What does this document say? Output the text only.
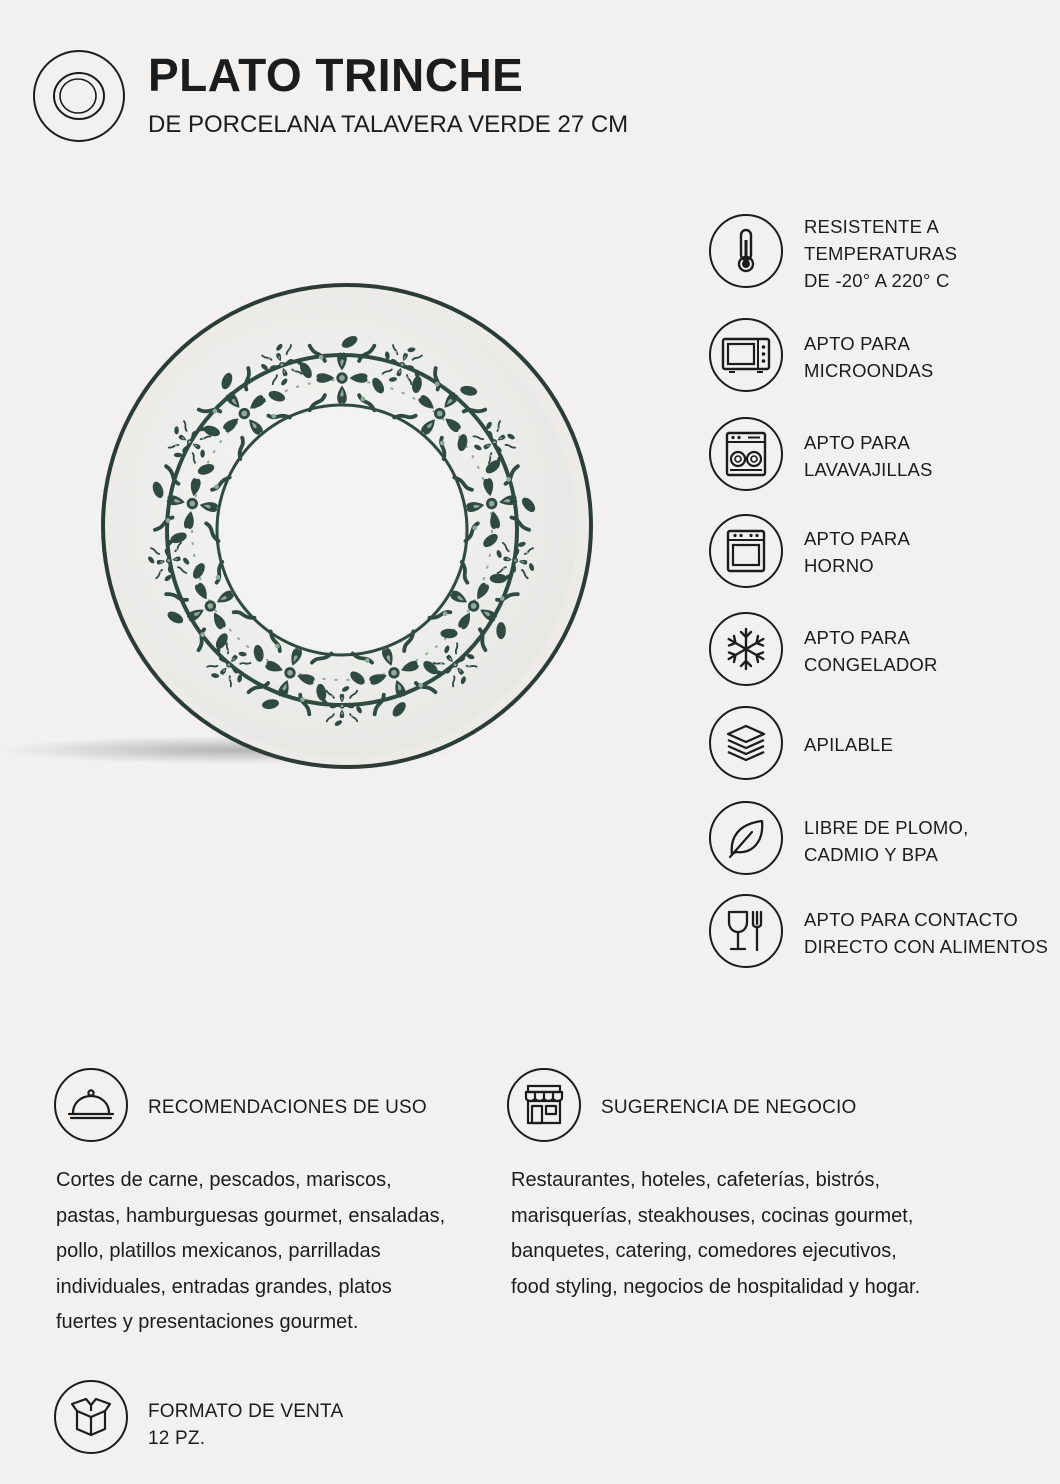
PLATO TRINCHE
DE PORCELANA TALAVERA VERDE 27 CM
RESISTENTE A
TEMPERATURAS
DE -20° A 220° C
APTO PARA
MICROONDAS
APTO PARA
LAVAVAJILLAS
APTO PARA
HORNO
APTO PARA
CONGELADOR
APILABLE
LIBRE DE PLOMO,
CADMIO Y BPA
APTO PARA CONTACTO
DIRECTO CON ALIMENTOS
RECOMENDACIONES DE USO
Cortes de carne, pescados, mariscos,
pastas, hamburguesas gourmet, ensaladas,
pollo, platillos mexicanos, parrilladas
individuales, entradas grandes, platos
fuertes y presentaciones gourmet.
SUGERENCIA DE NEGOCIO
Restaurantes, hoteles, cafeterías, bistrós,
marisquerías, steakhouses, cocinas gourmet,
banquetes, catering, comedores ejecutivos,
food styling, negocios de hospitalidad y hogar.
FORMATO DE VENTA
12 PZ.
